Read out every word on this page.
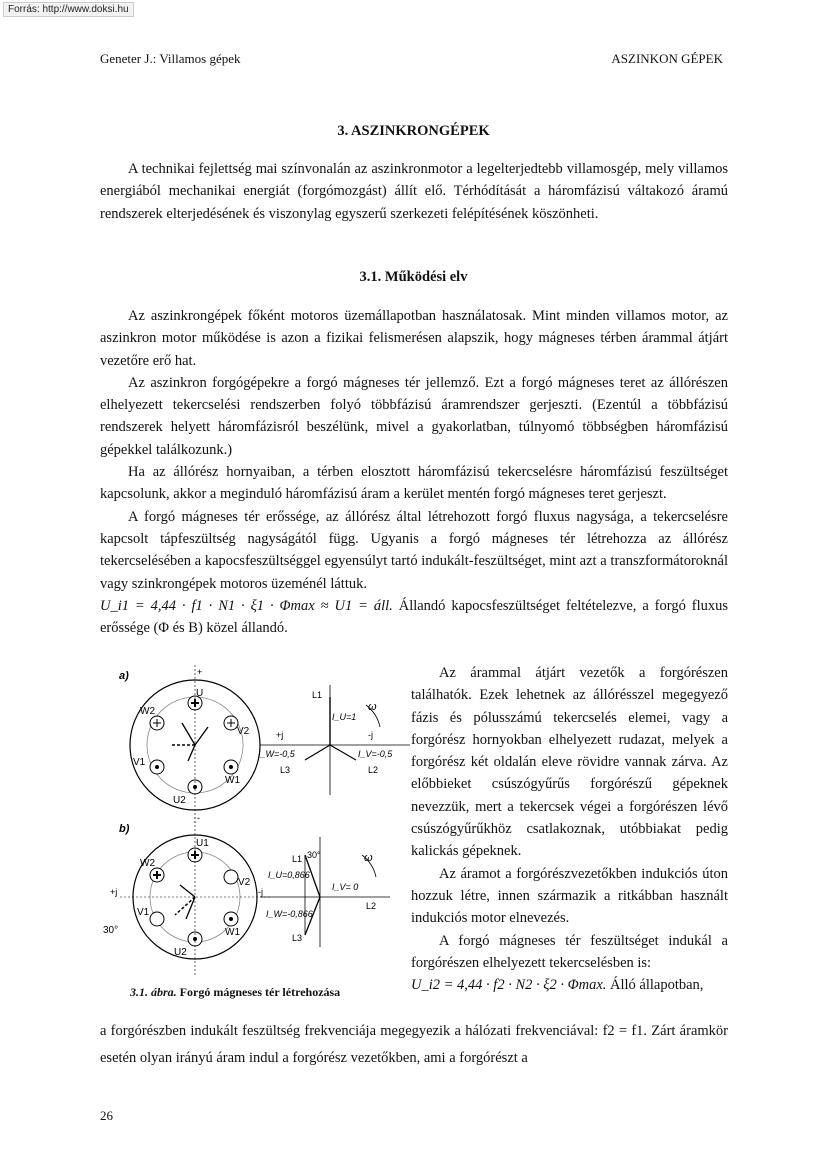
Forrás: http://www.doksi.hu
Geneter J.: Villamos gépek	ASZINKON GÉPEK
3. ASZINKRONGÉPEK

A technikai fejlettség mai színvonalán az aszinkronmotor a legelterjedtebb villamosgép, mely villamos energiából mechanikai energiát (forgómozgást) állít elő. Térhódítását a háromfázisú váltakozó áramú rendszerek elterjedésének és viszonylag egyszerű szerkezeti felépítésének köszönheti.

3.1. Működési elv

Az aszinkrongépek főként motoros üzemállapotban használatosak. Mint minden villamos motor, az aszinkron motor működése is azon a fizikai felismerésen alapszik, hogy mágneses térben árammal átjárt vezetőre erő hat.

Az aszinkron forgógépekre a forgó mágneses tér jellemző. Ezt a forgó mágneses teret az állórészen elhelyezett tekercselési rendszerben folyó többfázisú áramrendszer gerjeszti. (Ezentúl a többfázisú rendszerek helyett háromfázisról beszélünk, mivel a gyakorlatban, túlnyomó többségben háromfázisú gépekkel találkozunk.)

Ha az állórész hornyaiban, a térben elosztott háromfázisú tekercselésre háromfázisú feszültséget kapcsolunk, akkor a meginduló háromfázisú áram a kerület mentén forgó mágneses teret gerjeszt.

A forgó mágneses tér erőssége, az állórész által létrehozott forgó fluxus nagysága, a tekercselésre kapcsolt tápfeszültség nagyságától függ. Ugyanis a forgó mágneses tér létrehozza az állórész tekercselésében a kapocsfeszültséggel egyensúlyt tartó indukált-feszültséget, mint azt a transzformátoroknál vagy szinkrongépek motoros üzeménél láttuk.

U_i1 = 4,44 · f1 · N1 · ξ1 · Φmax ≈ U1 = áll. Állandó kapocsfeszültséget feltételezve, a forgó fluxus erőssége (Φ és B) közel állandó.

a)
U
W2
V2
V1
W1
U2
+
-
L1
I_U=1
+j	-j
I_W=-0,5	I_V=-0,5
L3	L2
ω
b)
U1
W2
V2
V1
W1
U2
30°
L1 30°
I_U=0,866
I_V= 0
I_W=-0,866
L2
L3
+j	-j
ω
3.1. ábra. Forgó mágneses tér létrehozása

Az árammal átjárt vezetők a forgórészen találhatók. Ezek lehetnek az állórésszel megegyező fázis és pólusszámú tekercselés elemei, vagy a forgórész hornyokban elhelyezett rudazat, melyek a forgórész két oldalán eleve rövidre vannak zárva. Az előbbieket csúszógyűrűs forgórészű gépeknek nevezzük, mert a tekercsek végei a forgórészen lévő csúszógyűrűkhöz csatlakoznak, utóbbiakat pedig kalickás gépeknek.

Az áramot a forgórészvezetőkben indukciós úton hozzuk létre, innen származik a ritkábban használt indukciós motor elnevezés.

A forgó mágneses tér feszültséget indukál a forgórészen elhelyezett tekercselésben is:

U_i2 = 4,44 · f2 · N2 · ξ2 · Φmax. Álló állapotban,

a forgórészben indukált feszültség frekvenciája megegyezik a hálózati frekvenciával: f2 = f1. Zárt áramkör esetén olyan irányú áram indul a forgórész vezetőkben, ami a forgórészt a
26
